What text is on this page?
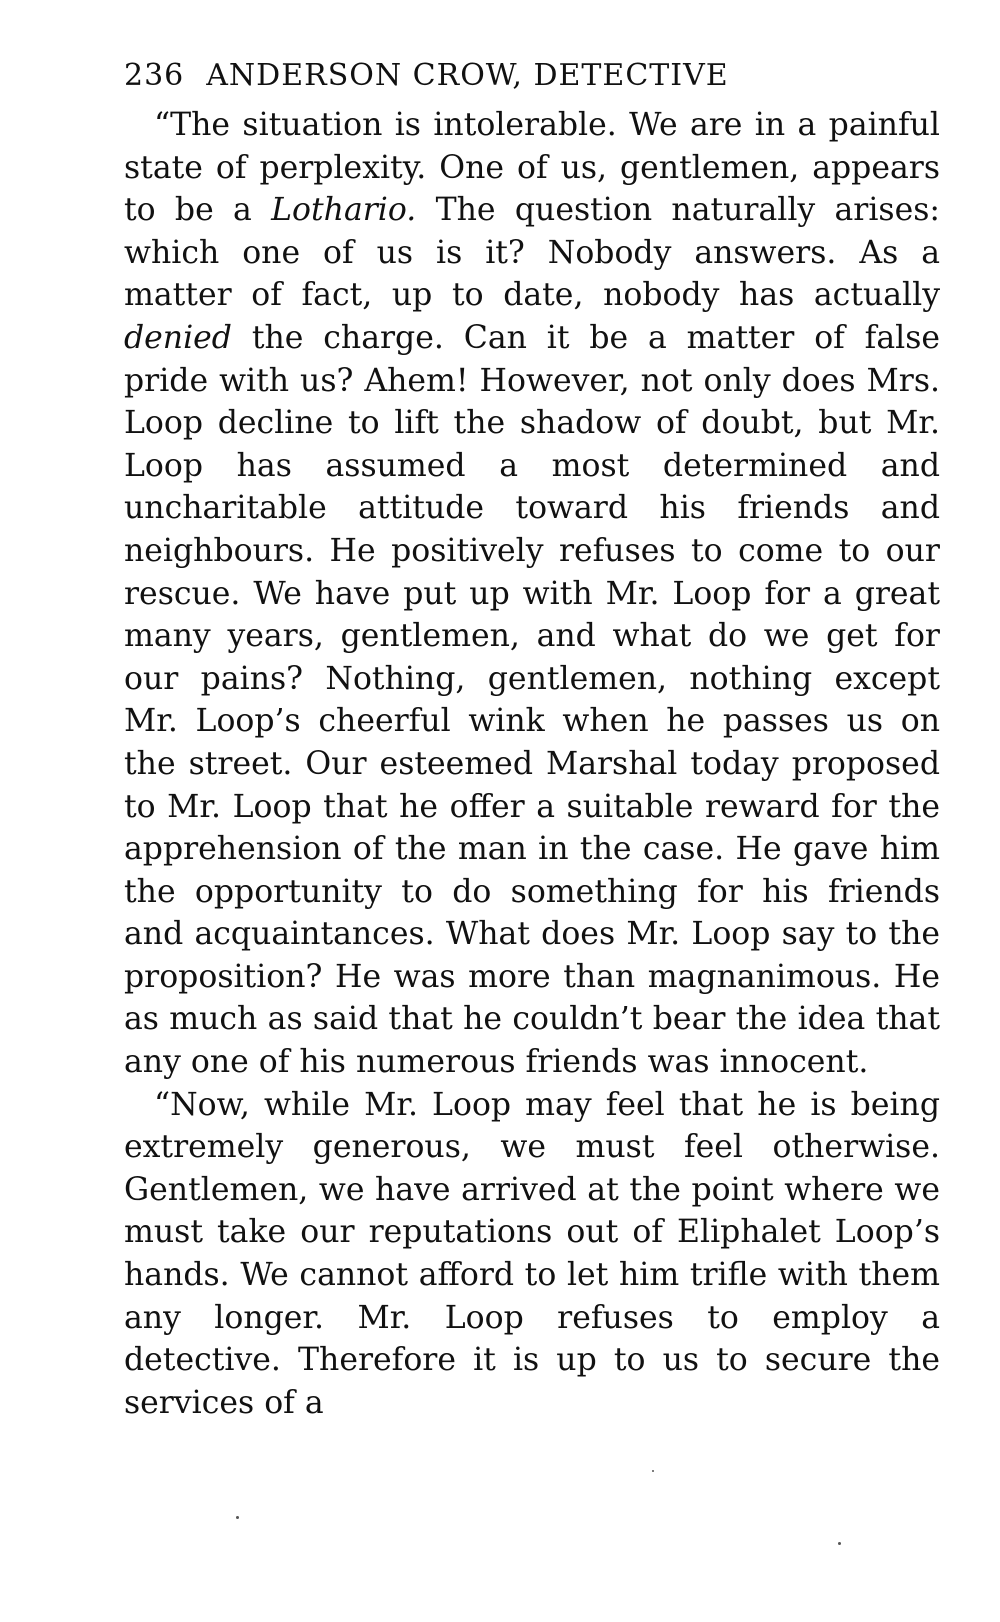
236 ANDERSON CROW, DETECTIVE

“The situation is intolerable. We are in a painful state of perplexity. One of us, gentlemen, appears to be a Lothario. The question naturally arises: which one of us is it? Nobody answers. As a matter of fact, up to date, nobody has actually denied the charge. Can it be a matter of false pride with us? Ahem! However, not only does Mrs. Loop decline to lift the shadow of doubt, but Mr. Loop has assumed a most determined and uncharitable attitude toward his friends and neighbours. He positively refuses to come to our rescue. We have put up with Mr. Loop for a great many years, gentlemen, and what do we get for our pains? Nothing, gentlemen, nothing except Mr. Loop’s cheerful wink when he passes us on the street. Our esteemed Marshal today proposed to Mr. Loop that he offer a suitable reward for the apprehension of the man in the case. He gave him the opportunity to do something for his friends and acquaintances. What does Mr. Loop say to the proposition? He was more than magnanimous. He as much as said that he couldn’t bear the idea that any one of his numerous friends was innocent.

“Now, while Mr. Loop may feel that he is being extremely generous, we must feel otherwise. Gentlemen, we have arrived at the point where we must take our reputations out of Eliphalet Loop’s hands. We cannot afford to let him trifle with them any longer. Mr. Loop refuses to employ a detective. Therefore it is up to us to secure the services of a
